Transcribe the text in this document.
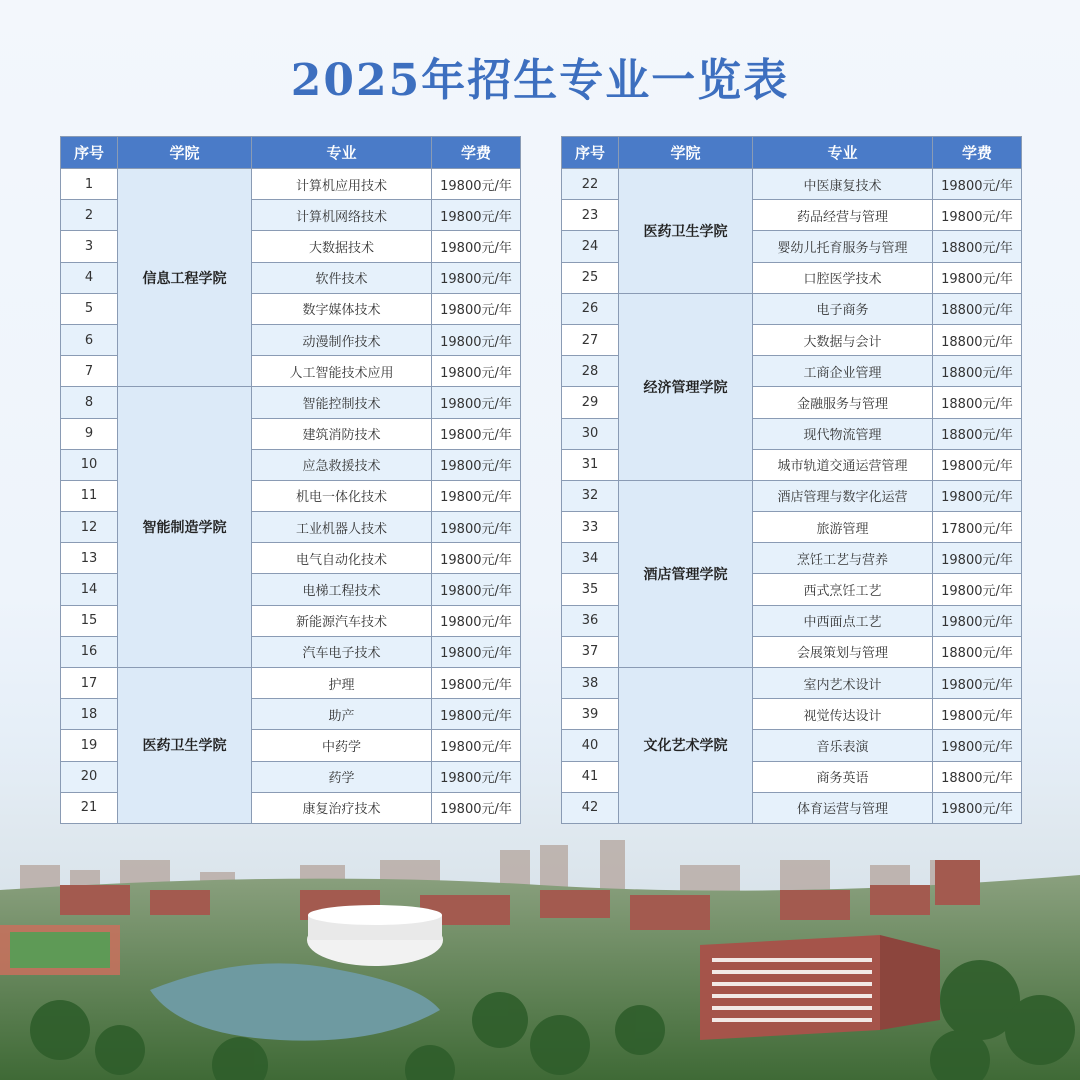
2025年招生专业一览表
序号	学院	专业	学费
1	信息工程学院	计算机应用技术	19800元/年
2		计算机网络技术	19800元/年
3		大数据技术	19800元/年
4		软件技术	19800元/年
5		数字媒体技术	19800元/年
6		动漫制作技术	19800元/年
7		人工智能技术应用	19800元/年
8	智能制造学院	智能控制技术	19800元/年
9		建筑消防技术	19800元/年
10		应急救援技术	19800元/年
11		机电一体化技术	19800元/年
12		工业机器人技术	19800元/年
13		电气自动化技术	19800元/年
14		电梯工程技术	19800元/年
15		新能源汽车技术	19800元/年
16		汽车电子技术	19800元/年
17	医药卫生学院	护理	19800元/年
18		助产	19800元/年
19		中药学	19800元/年
20		药学	19800元/年
21		康复治疗技术	19800元/年
序号	学院	专业	学费
22	医药卫生学院	中医康复技术	19800元/年
23		药品经营与管理	19800元/年
24		婴幼儿托育服务与管理	18800元/年
25		口腔医学技术	19800元/年
26	经济管理学院	电子商务	18800元/年
27		大数据与会计	18800元/年
28		工商企业管理	18800元/年
29		金融服务与管理	18800元/年
30		现代物流管理	18800元/年
31		城市轨道交通运营管理	19800元/年
32	酒店管理学院	酒店管理与数字化运营	19800元/年
33		旅游管理	17800元/年
34		烹饪工艺与营养	19800元/年
35		西式烹饪工艺	19800元/年
36		中西面点工艺	19800元/年
37		会展策划与管理	18800元/年
38	文化艺术学院	室内艺术设计	19800元/年
39		视觉传达设计	19800元/年
40		音乐表演	19800元/年
41		商务英语	18800元/年
42		体育运营与管理	19800元/年
